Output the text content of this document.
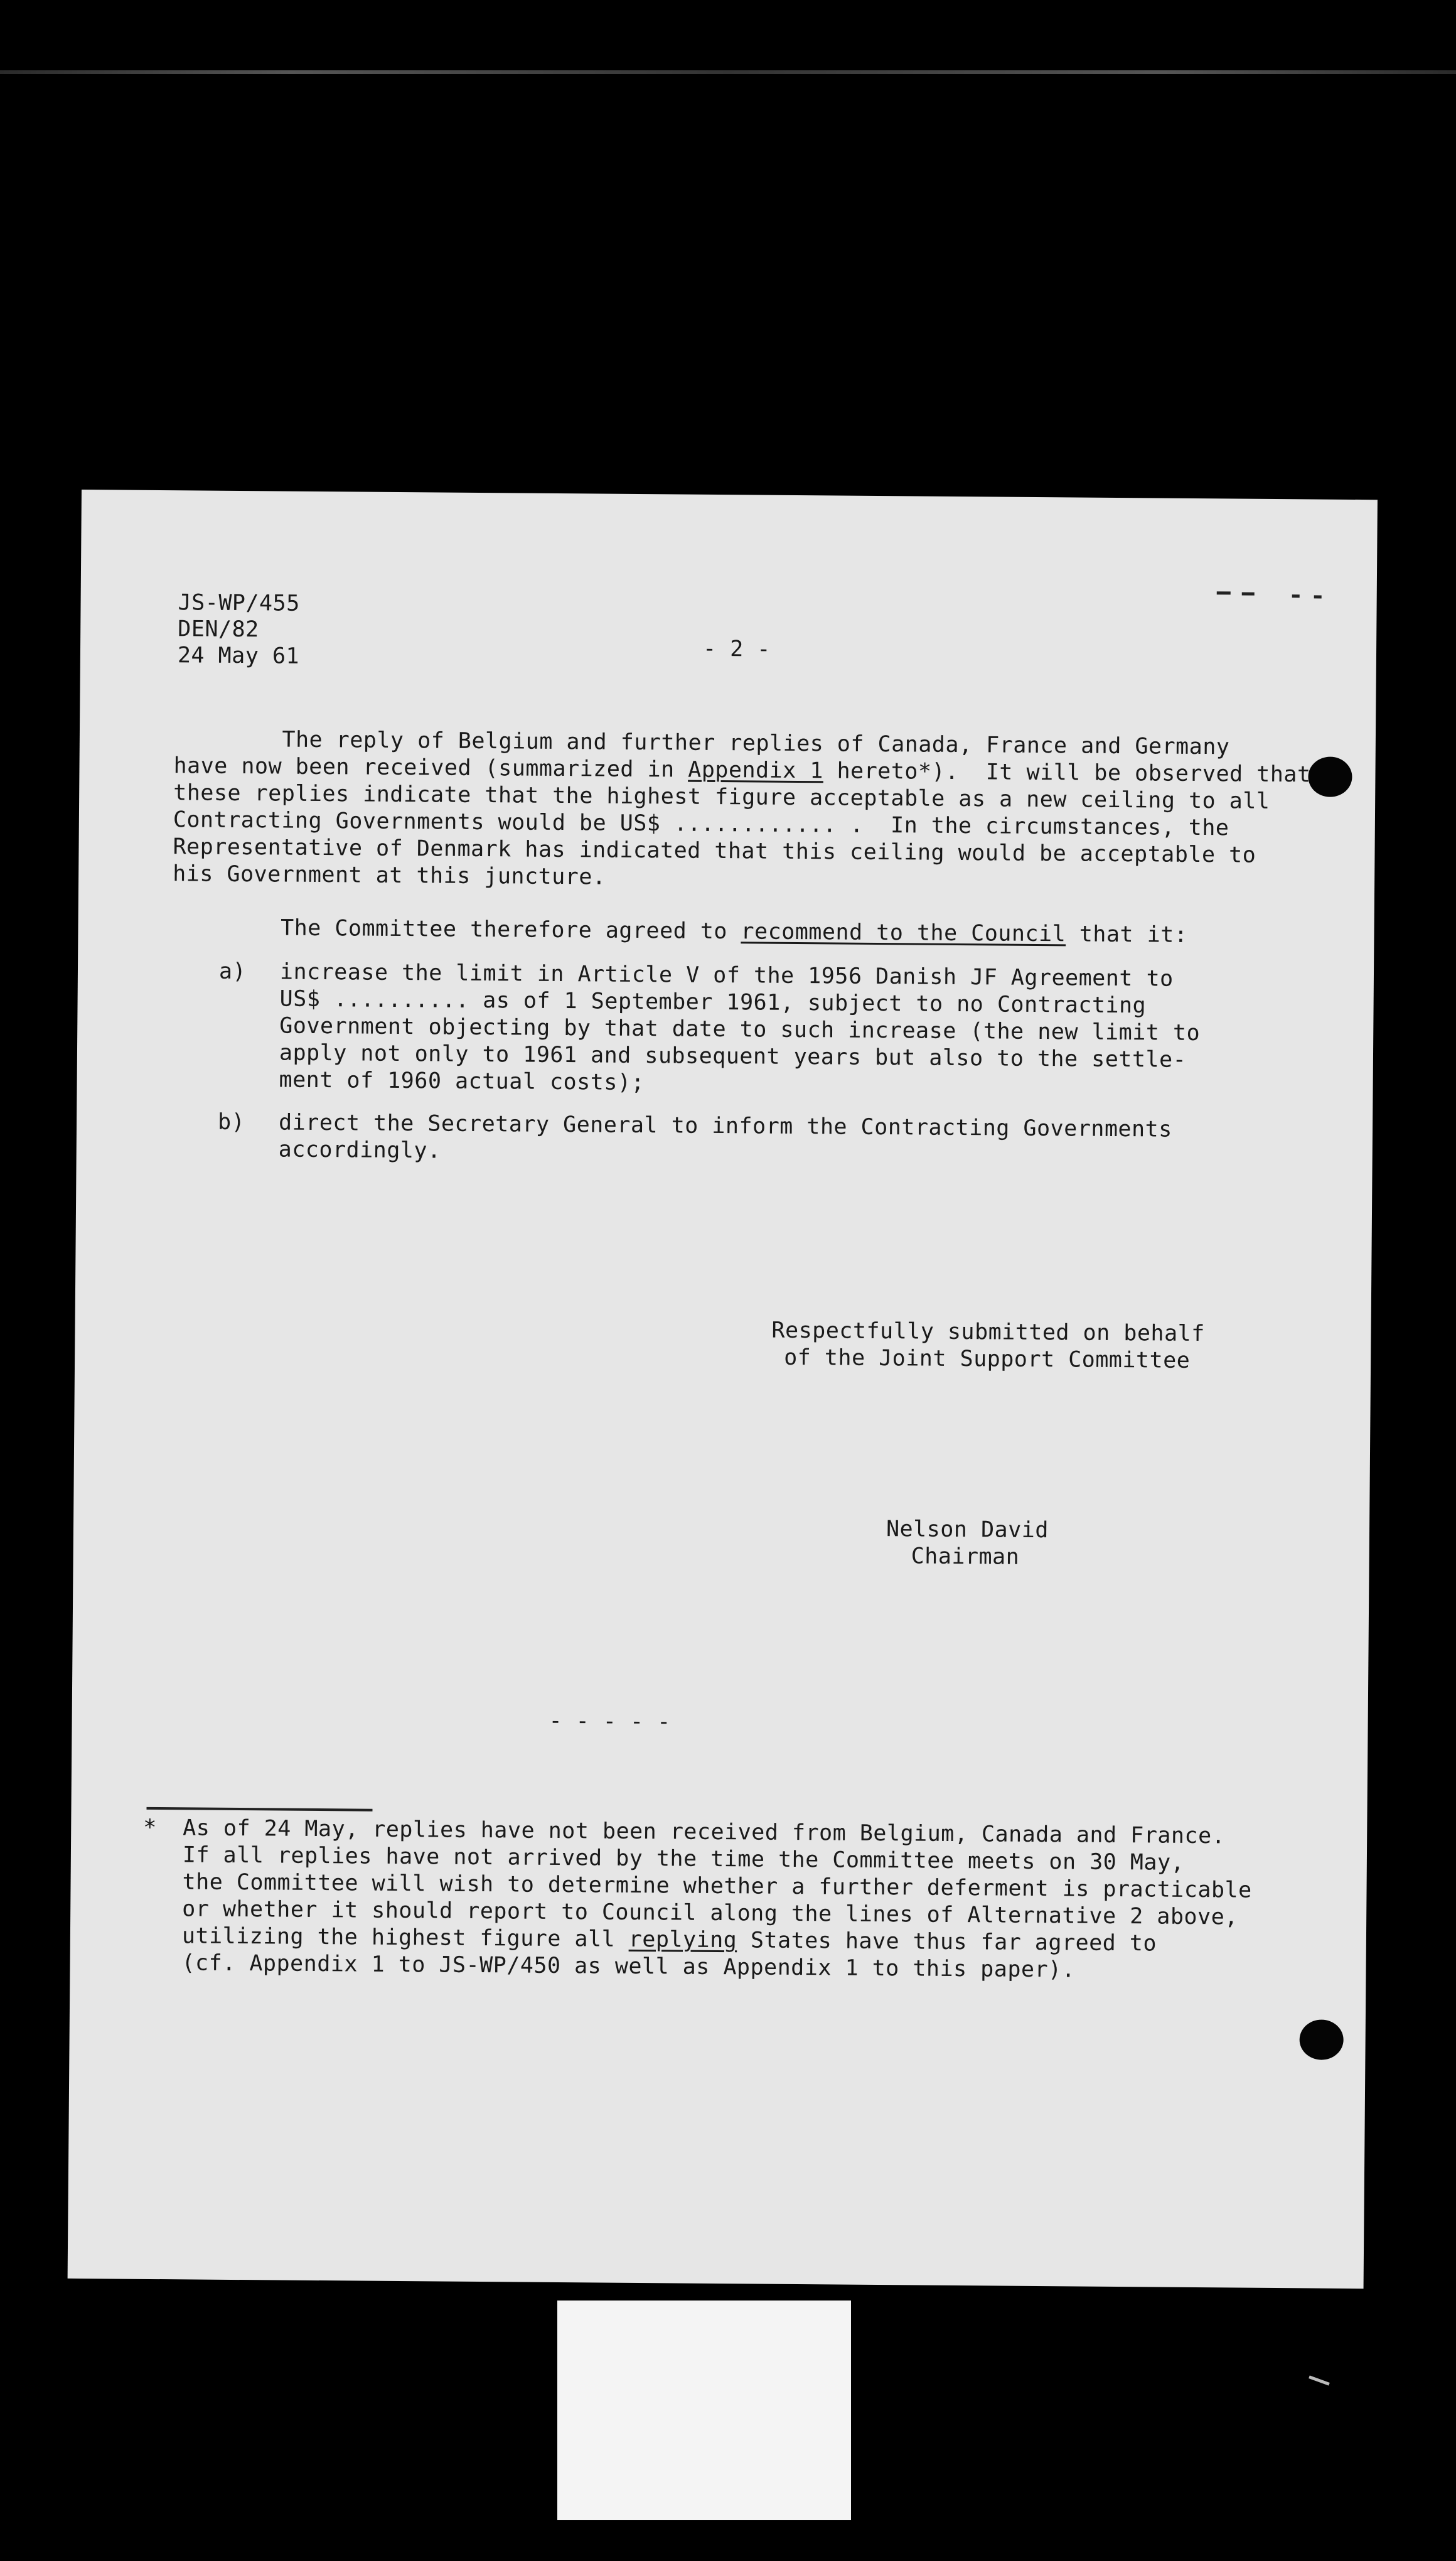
JS-WP/455
DEN/82
24 May 61	- 2 -
The reply of Belgium and further replies of Canada, France and Germany
have now been received (summarized in Appendix 1 hereto*).  It will be observed that
these replies indicate that the highest figure acceptable as a new ceiling to all
Contracting Governments would be US$ ............ .  In the circumstances, the
Representative of Denmark has indicated that this ceiling would be acceptable to
his Government at this juncture.
The Committee therefore agreed to recommend to the Council that it:
a) increase the limit in Article V of the 1956 Danish JF Agreement to
US$ .......... as of 1 September 1961, subject to no Contracting
Government objecting by that date to such increase (the new limit to
apply not only to 1961 and subsequent years but also to the settle-
ment of 1960 actual costs);
b) direct the Secretary General to inform the Contracting Governments
accordingly.
Respectfully submitted on behalf
of the Joint Support Committee
Nelson David
Chairman
- - - - -
* As of 24 May, replies have not been received from Belgium, Canada and France.
If all replies have not arrived by the time the Committee meets on 30 May,
the Committee will wish to determine whether a further deferment is practicable
or whether it should report to Council along the lines of Alternative 2 above,
utilizing the highest figure all replying States have thus far agreed to
(cf. Appendix 1 to JS-WP/450 as well as Appendix 1 to this paper).
